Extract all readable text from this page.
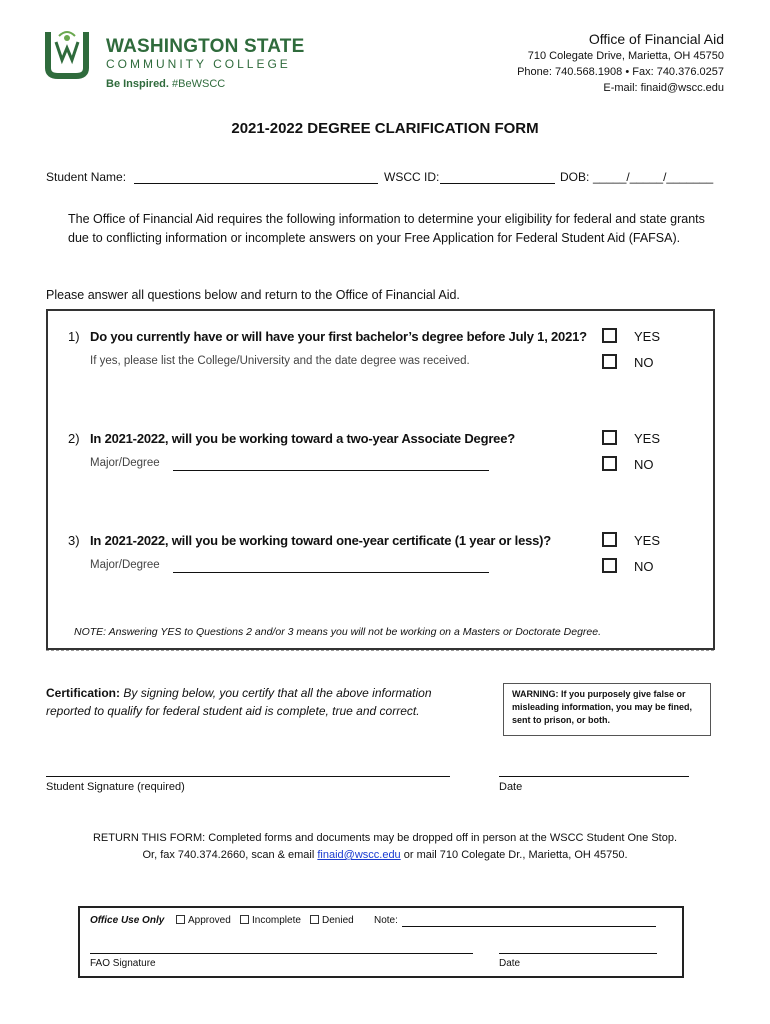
WASHINGTON STATE
COMMUNITY COLLEGE
Be Inspired. #BeWSCC
Office of Financial Aid
710 Colegate Drive, Marietta, OH 45750
Phone: 740.568.1908 • Fax: 740.376.0257
E-mail: finaid@wscc.edu
2021-2022 DEGREE CLARIFICATION FORM
Student Name:	WSCC ID:	DOB: _____/_____/_______
The Office of Financial Aid requires the following information to determine your eligibility for federal and state grants due to conflicting information or incomplete answers on your Free Application for Federal Student Aid (FAFSA).
Please answer all questions below and return to the Office of Financial Aid.
1) Do you currently have or will have your first bachelor’s degree before July 1, 2021?
If yes, please list the College/University and the date degree was received.
YES
NO
2) In 2021-2022, will you be working toward a two-year Associate Degree?
Major/Degree
YES
NO
3) In 2021-2022, will you be working toward one-year certificate (1 year or less)?
Major/Degree
YES
NO
NOTE: Answering YES to Questions 2 and/or 3 means you will not be working on a Masters or Doctorate Degree.
Certification: By signing below, you certify that all the above information reported to qualify for federal student aid is complete, true and correct.
WARNING: If you purposely give false or misleading information, you may be fined, sent to prison, or both.
Student Signature (required)	Date
RETURN THIS FORM: Completed forms and documents may be dropped off in person at the WSCC Student One Stop.
Or, fax 740.374.2660, scan & email finaid@wscc.edu or mail 710 Colegate Dr., Marietta, OH 45750.
Office Use Only	Approved	Incomplete	Denied Note:
FAO Signature	Date
